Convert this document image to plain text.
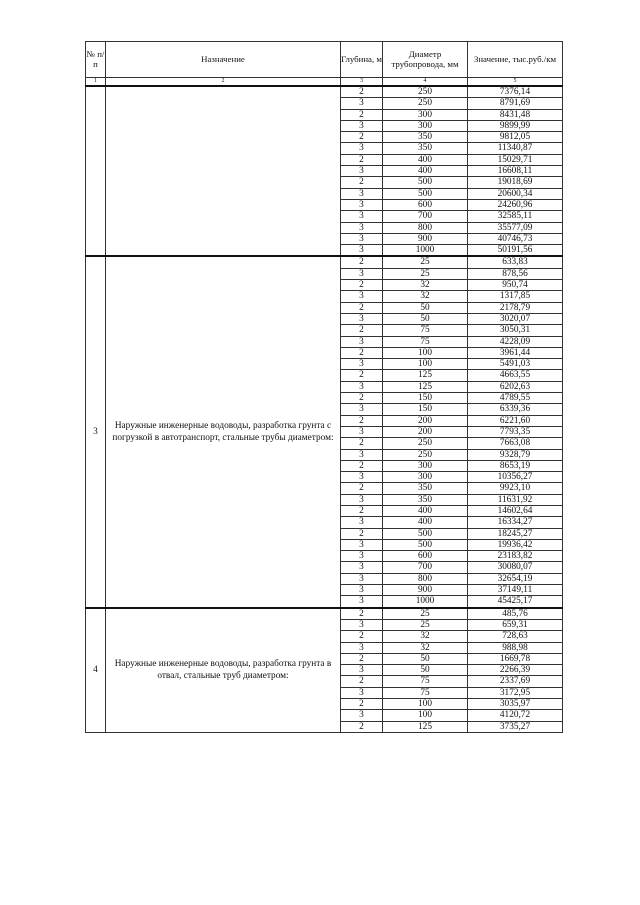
№ п/п	Назначение	Глубина, м	Диаметр трубопровода, мм	Значение, тыс.руб./км
1	2	3	4	5
		2	250	7376,14
		3	250	8791,69
		2	300	8431,48
		3	300	9899,99
		2	350	9812,05
		3	350	11340,87
		2	400	15029,71
		3	400	16608,11
		2	500	19018,69
		3	500	20600,34
		3	600	24260,96
		3	700	32585,11
		3	800	35577,09
		3	900	40746,73
		3	1000	50191,56
3	Наружные инженерные водоводы, разработка грунта с погрузкой в автотранспорт, стальные трубы диаметром:	2	25	633,83
		3	25	878,56
		2	32	950,74
		3	32	1317,85
		2	50	2178,79
		3	50	3020,07
		2	75	3050,31
		3	75	4228,09
		2	100	3961,44
		3	100	5491,03
		2	125	4663,55
		3	125	6202,63
		2	150	4789,55
		3	150	6339,36
		2	200	6221,60
		3	200	7793,35
		2	250	7663,08
		3	250	9328,79
		2	300	8653,19
		3	300	10356,27
		2	350	9923,10
		3	350	11631,92
		2	400	14602,64
		3	400	16334,27
		2	500	18245,27
		3	500	19936,42
		3	600	23183,82
		3	700	30080,07
		3	800	32654,19
		3	900	37149,11
		3	1000	45425,17
4	Наружные инженерные водоводы, разработка грунта в отвал, стальные труб диаметром:	2	25	485,76
		3	25	659,31
		2	32	728,63
		3	32	988,98
		2	50	1669,78
		3	50	2266,39
		2	75	2337,69
		3	75	3172,95
		2	100	3035,97
		3	100	4120,72
		2	125	3735,27
